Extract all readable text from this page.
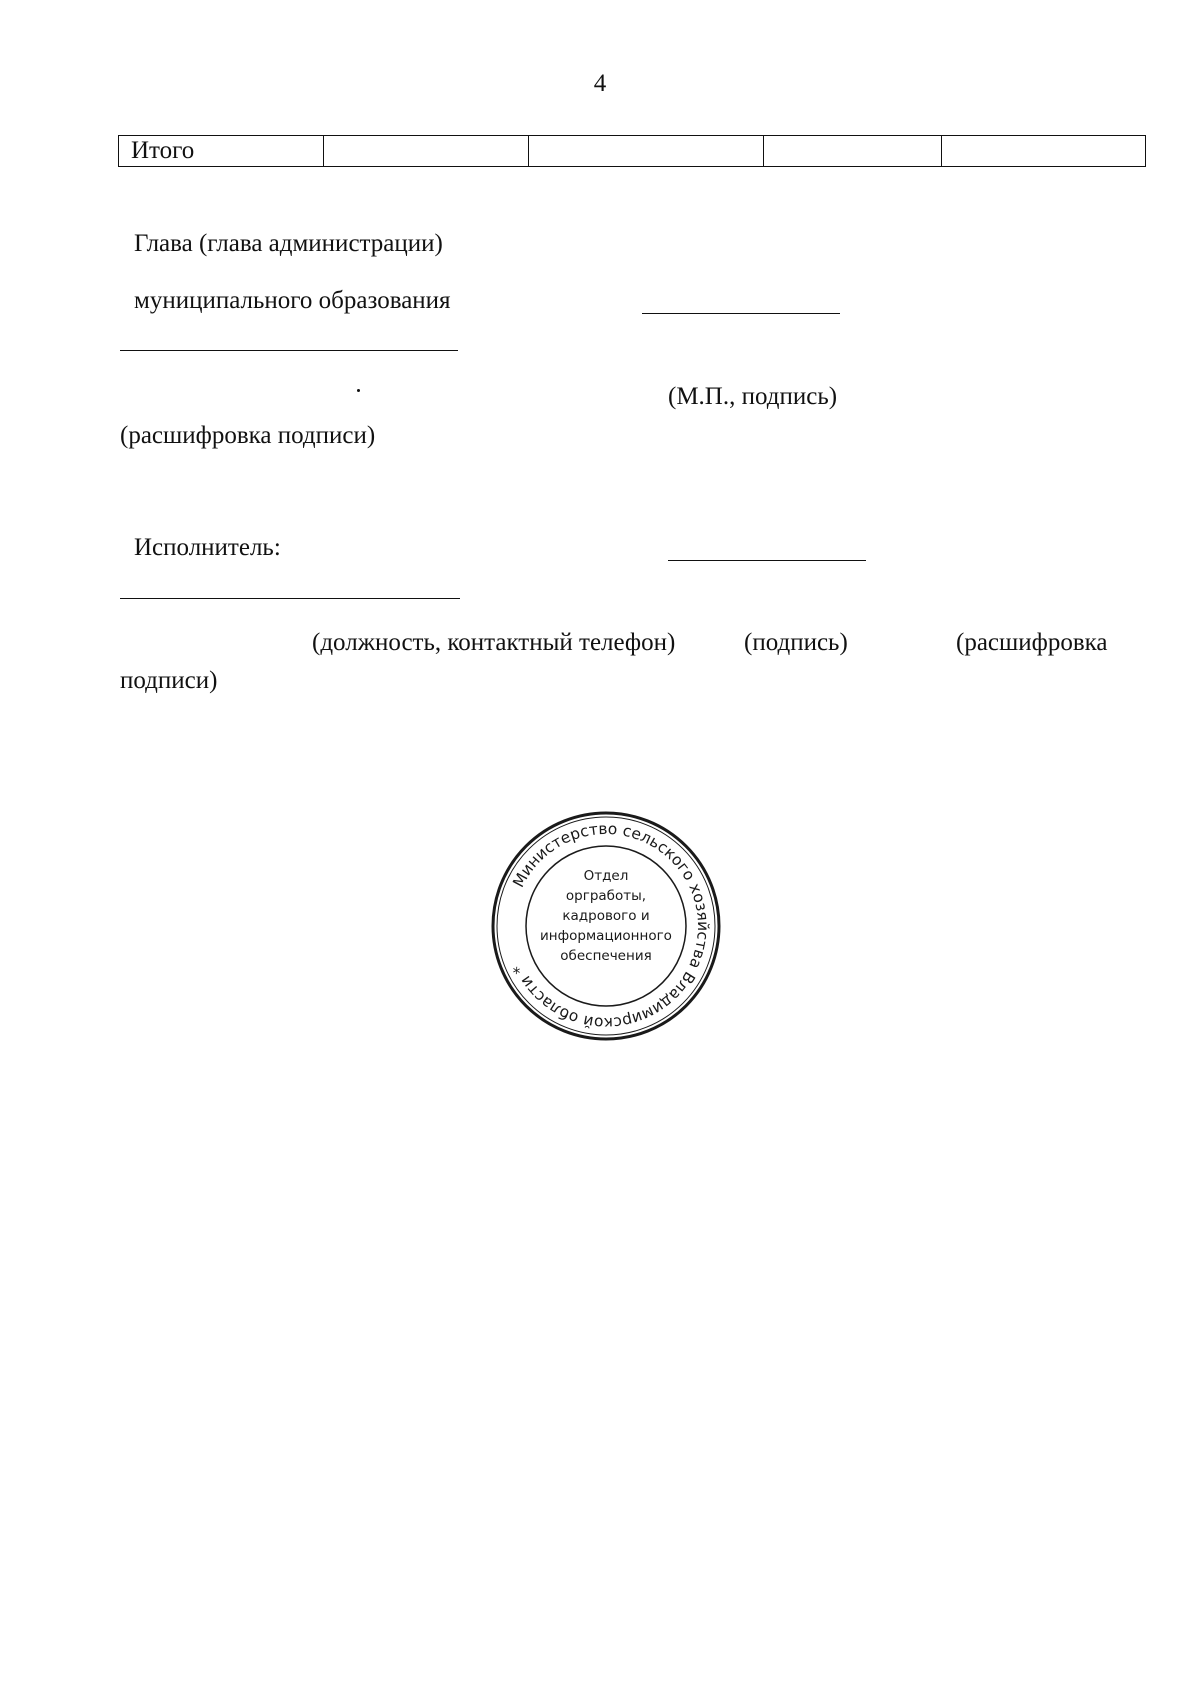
4
Итого				
Глава (глава администрации)
муниципального образования
(М.П., подпись)
(расшифровка подписи)
Исполнитель:
(должность, контактный телефон)	(подпись)	(расшифровка
подписи)
Министерство сельского хозяйства Владимирской области *
Отдел
оргработы,
кадрового и
информационного
обеспечения
